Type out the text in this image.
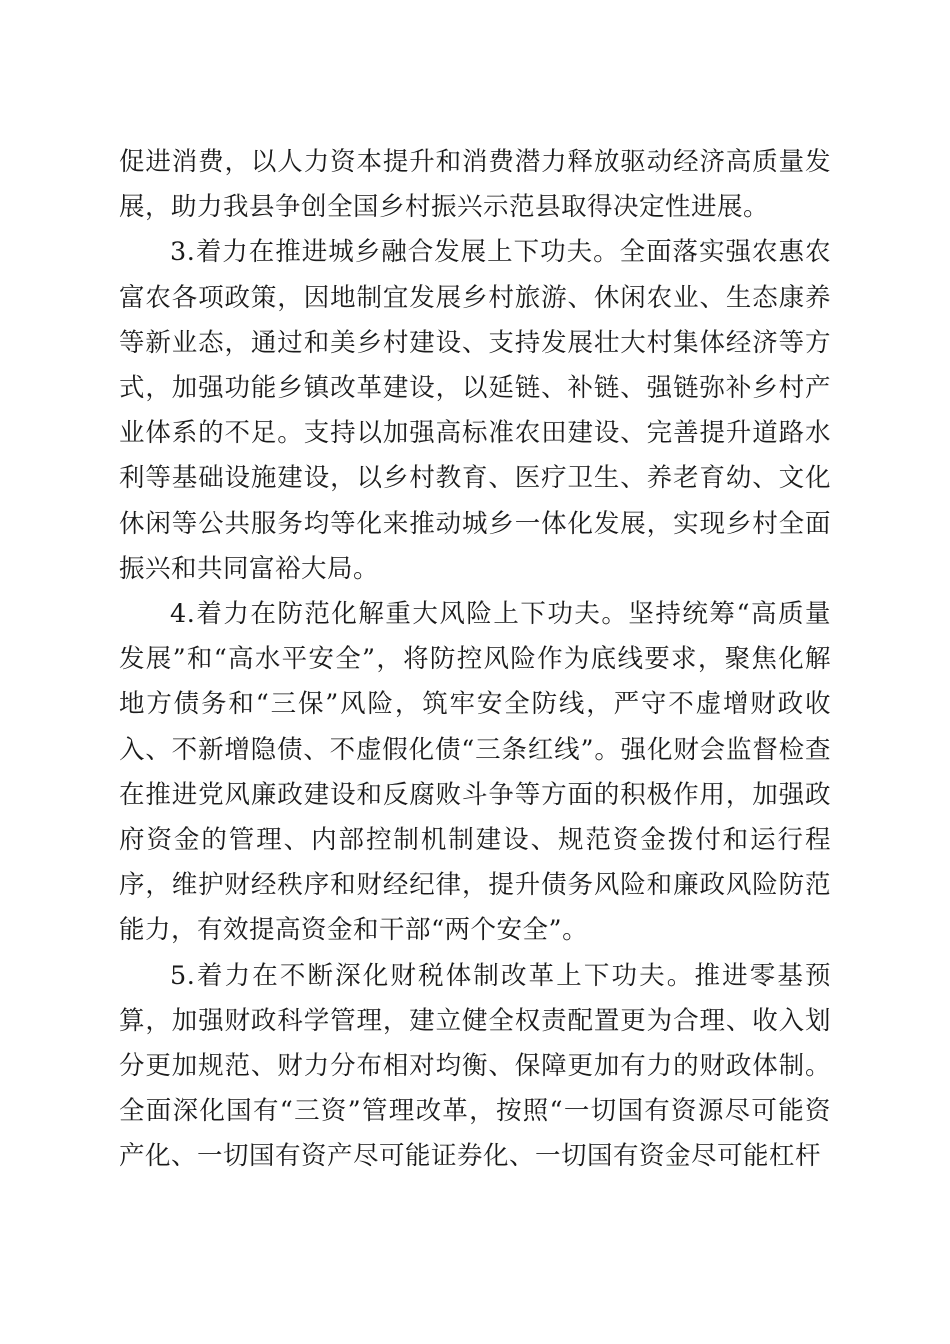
促进消费，以人力资本提升和消费潜力释放驱动经济高质量发展，助力我县争创全国乡村振兴示范县取得决定性进展。

3.着力在推进城乡融合发展上下功夫。全面落实强农惠农富农各项政策，因地制宜发展乡村旅游、休闲农业、生态康养等新业态，通过和美乡村建设、支持发展壮大村集体经济等方式，加强功能乡镇改革建设，以延链、补链、强链弥补乡村产业体系的不足。支持以加强高标准农田建设、完善提升道路水利等基础设施建设，以乡村教育、医疗卫生、养老育幼、文化休闲等公共服务均等化来推动城乡一体化发展，实现乡村全面振兴和共同富裕大局。

4.着力在防范化解重大风险上下功夫。坚持统筹“高质量发展”和“高水平安全”，将防控风险作为底线要求，聚焦化解地方债务和“三保”风险，筑牢安全防线，严守不虚增财政收入、不新增隐债、不虚假化债“三条红线”。强化财会监督检查在推进党风廉政建设和反腐败斗争等方面的积极作用，加强政府资金的管理、内部控制机制建设、规范资金拨付和运行程序，维护财经秩序和财经纪律，提升债务风险和廉政风险防范能力，有效提高资金和干部“两个安全”。

5.着力在不断深化财税体制改革上下功夫。推进零基预算，加强财政科学管理，建立健全权责配置更为合理、收入划分更加规范、财力分布相对均衡、保障更加有力的财政体制。全面深化国有“三资”管理改革，按照“一切国有资源尽可能资产化、一切国有资产尽可能证券化、一切国有资金尽可能杠杆
